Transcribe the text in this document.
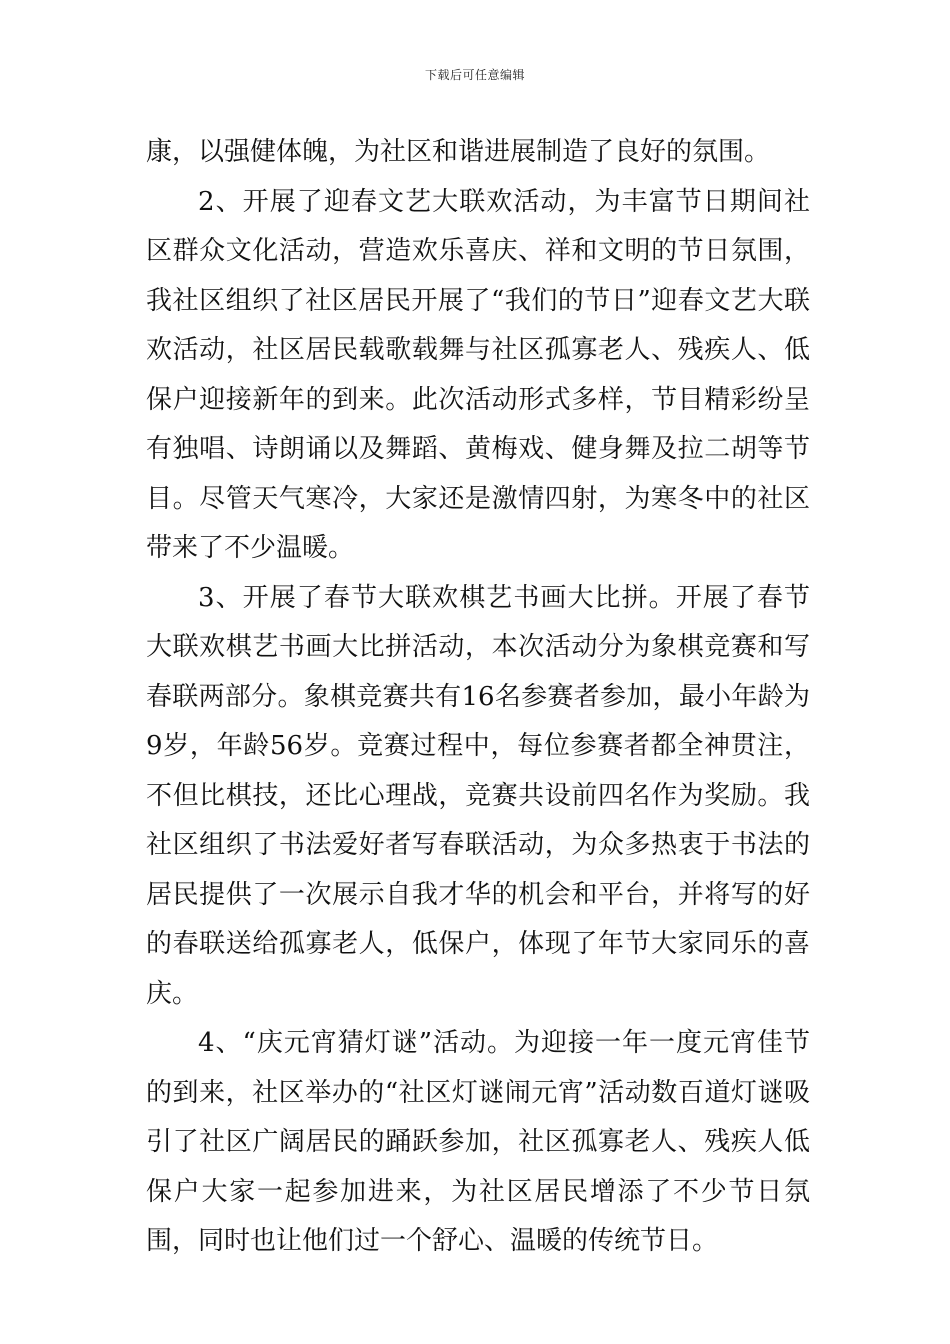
下载后可任意编辑

康，以强健体魄，为社区和谐进展制造了良好的氛围。

2、开展了迎春文艺大联欢活动，为丰富节日期间社区群众文化活动，营造欢乐喜庆、祥和文明的节日氛围，我社区组织了社区居民开展了“我们的节日”迎春文艺大联欢活动，社区居民载歌载舞与社区孤寡老人、残疾人、低保户迎接新年的到来。此次活动形式多样，节目精彩纷呈有独唱、诗朗诵以及舞蹈、黄梅戏、健身舞及拉二胡等节目。尽管天气寒冷，大家还是激情四射，为寒冬中的社区带来了不少温暖。

3、开展了春节大联欢棋艺书画大比拼。开展了春节大联欢棋艺书画大比拼活动，本次活动分为象棋竞赛和写春联两部分。象棋竞赛共有16名参赛者参加，最小年龄为9岁，年龄56岁。竞赛过程中，每位参赛者都全神贯注，不但比棋技，还比心理战，竞赛共设前四名作为奖励。我社区组织了书法爱好者写春联活动，为众多热衷于书法的居民提供了一次展示自我才华的机会和平台，并将写的好的春联送给孤寡老人，低保户，体现了年节大家同乐的喜庆。

4、“庆元宵猜灯谜”活动。为迎接一年一度元宵佳节的到来，社区举办的“社区灯谜闹元宵”活动数百道灯谜吸引了社区广阔居民的踊跃参加，社区孤寡老人、残疾人低保户大家一起参加进来，为社区居民增添了不少节日氛围，同时也让他们过一个舒心、温暖的传统节日。
